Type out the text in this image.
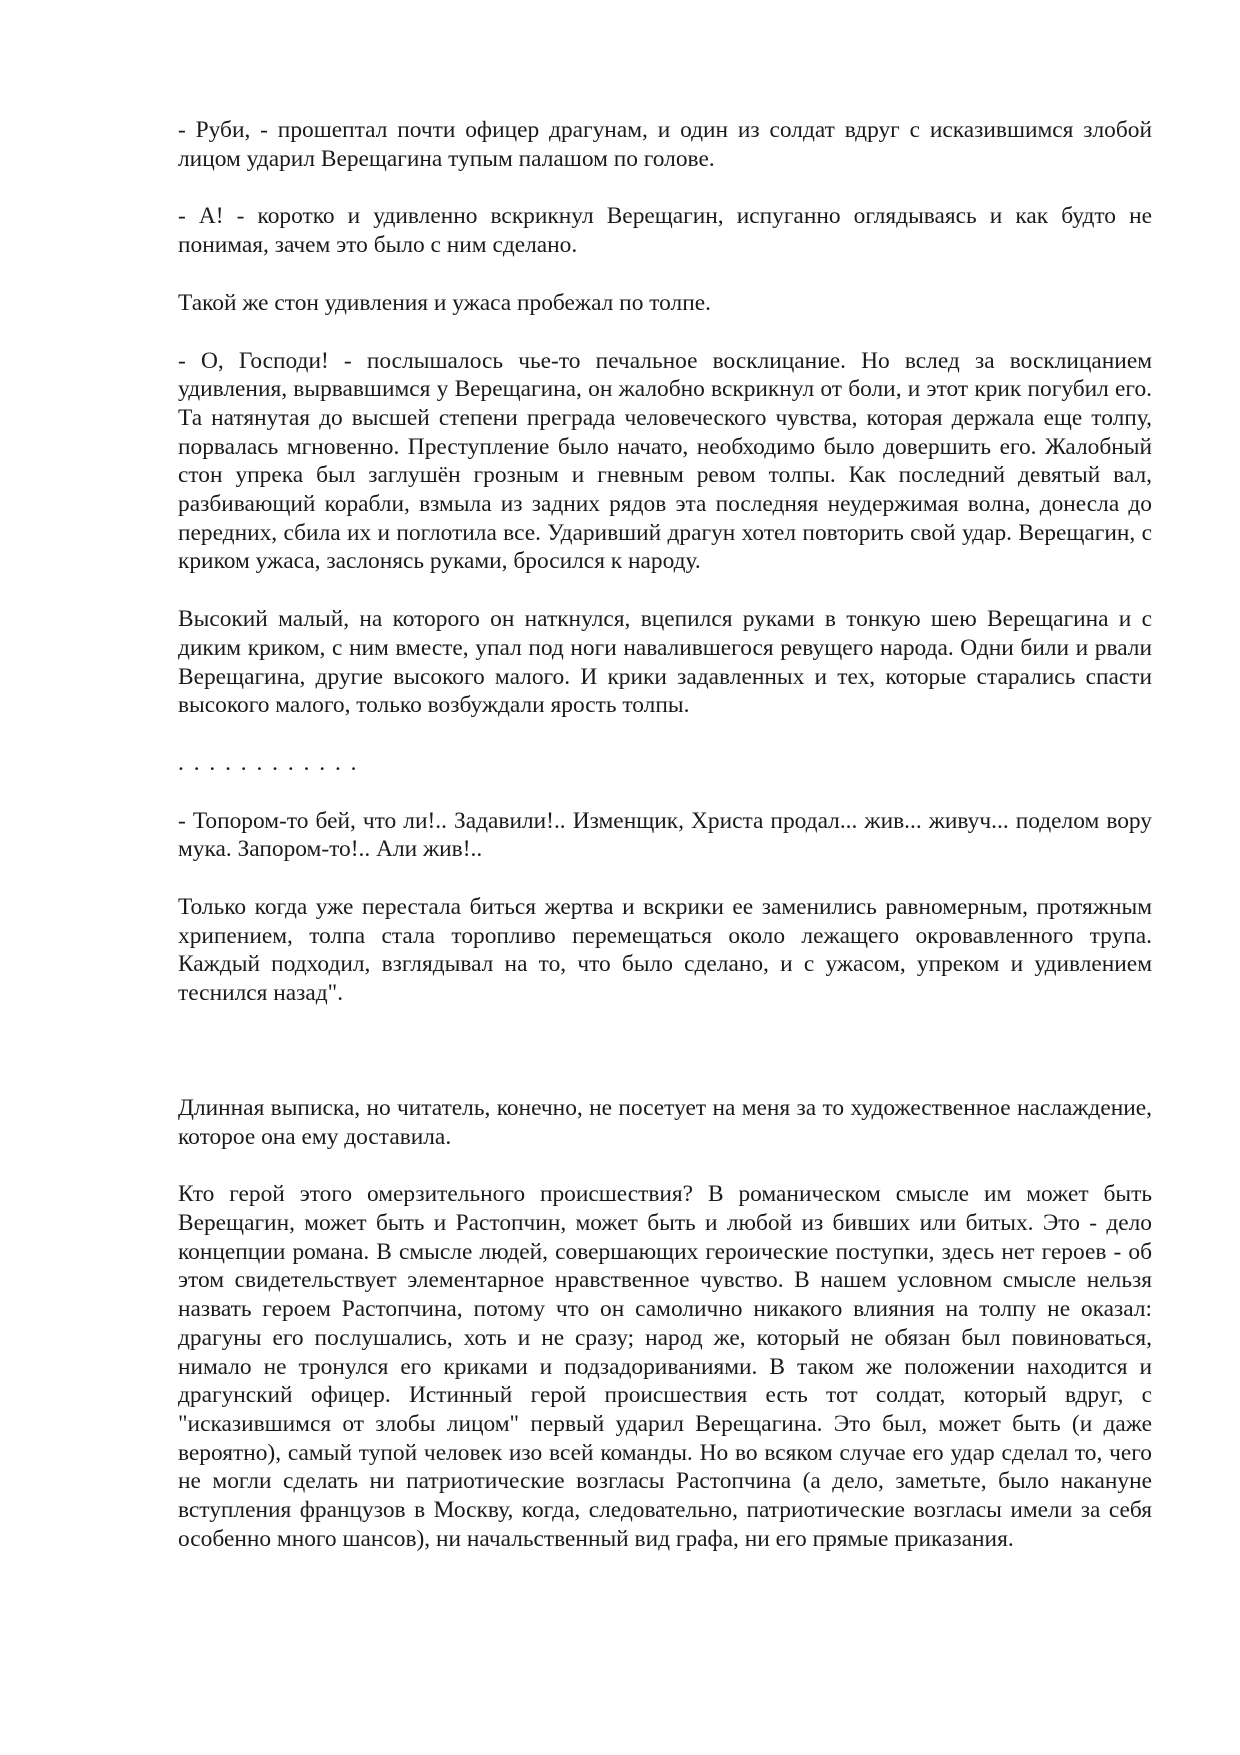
- Руби, - прошептал почти офицер драгунам, и один из солдат вдруг с исказившимся злобой лицом ударил Верещагина тупым палашом по голове.

- А! - коротко и удивленно вскрикнул Верещагин, испуганно оглядываясь и как будто не понимая, зачем это было с ним сделано.

Такой же стон удивления и ужаса пробежал по толпе.

- О, Господи! - послышалось чье-то печальное восклицание. Но вслед за восклицанием удивления, вырвавшимся у Верещагина, он жалобно вскрикнул от боли, и этот крик погубил его. Та натянутая до высшей степени преграда человеческого чувства, которая держала еще толпу, порвалась мгновенно. Преступление было начато, необходимо было довершить его. Жалобный стон упрека был заглушён грозным и гневным ревом толпы. Как последний девятый вал, разбивающий корабли, взмыла из задних рядов эта последняя неудержимая волна, донесла до передних, сбила их и поглотила все. Ударивший драгун хотел повторить свой удар. Верещагин, с криком ужаса, заслонясь руками, бросился к народу.

Высокий малый, на которого он наткнулся, вцепился руками в тонкую шею Верещагина и с диким криком, с ним вместе, упал под ноги навалившегося ревущего народа. Одни били и рвали Верещагина, другие высокого малого. И крики задавленных и тех, которые старались спасти высокого малого, только возбуждали ярость толпы.

. . . . . . . . . . . .

- Топором-то бей, что ли!.. Задавили!.. Изменщик, Христа продал... жив... живуч... поделом вору мука. Запором-то!.. Али жив!..

Только когда уже перестала биться жертва и вскрики ее заменились равномерным, протяжным хрипением, толпа стала торопливо перемещаться около лежащего окровавленного трупа. Каждый подходил, взглядывал на то, что было сделано, и с ужасом, упреком и удивлением теснился назад".

Длинная выписка, но читатель, конечно, не посетует на меня за то художественное наслаждение, которое она ему доставила.

Кто герой этого омерзительного происшествия? В романическом смысле им может быть Верещагин, может быть и Растопчин, может быть и любой из бивших или битых. Это - дело концепции романа. В смысле людей, совершающих героические поступки, здесь нет героев - об этом свидетельствует элементарное нравственное чувство. В нашем условном смысле нельзя назвать героем Растопчина, потому что он самолично никакого влияния на толпу не оказал: драгуны его послушались, хоть и не сразу; народ же, который не обязан был повиноваться, нимало не тронулся его криками и подзадориваниями. В таком же положении находится и драгунский офицер. Истинный герой происшествия есть тот солдат, который вдруг, с "исказившимся от злобы лицом" первый ударил Верещагина. Это был, может быть (и даже вероятно), самый тупой человек изо всей команды. Но во всяком случае его удар сделал то, чего не могли сделать ни патриотические возгласы Растопчина (а дело, заметьте, было накануне вступления французов в Москву, когда, следовательно, патриотические возгласы имели за себя особенно много шансов), ни начальственный вид графа, ни его прямые приказания.
